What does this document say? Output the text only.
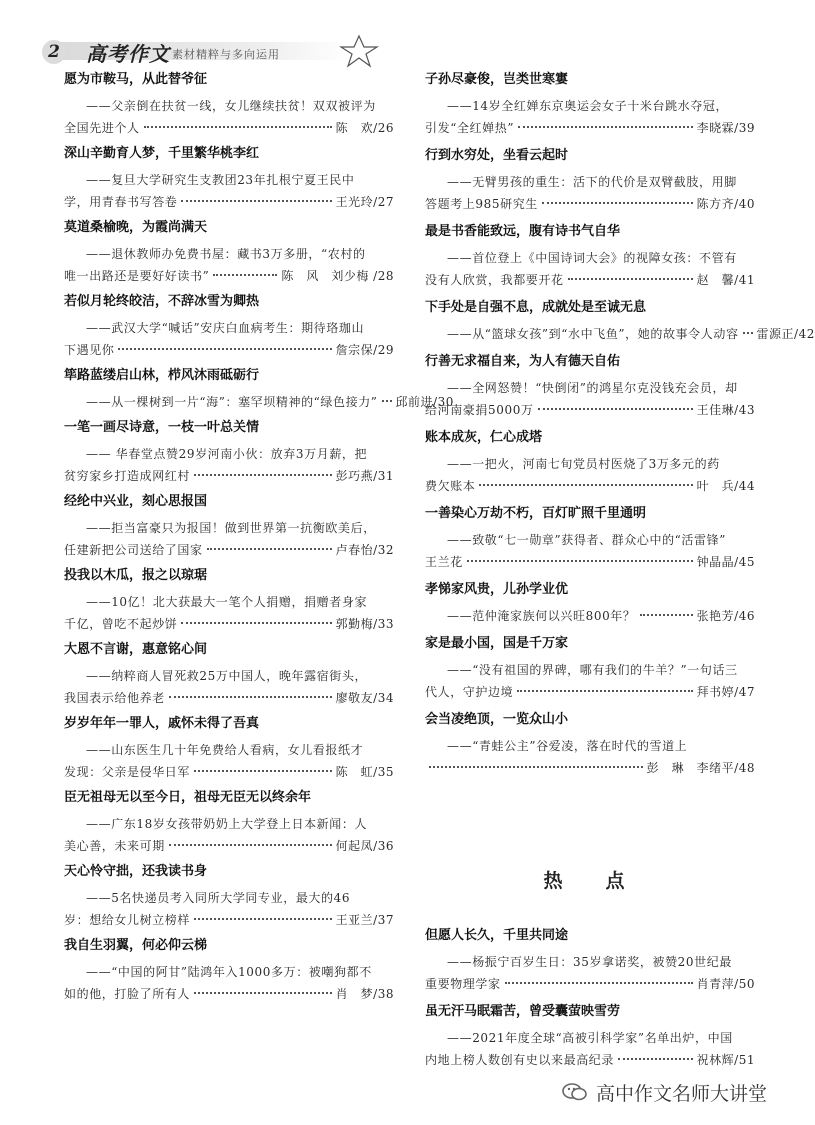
2	高考作文 素材精粹与多向运用
愿为市鞍马，从此替爷征
——父亲倒在扶贫一线，女儿继续扶贫！双双被评为
全国先进个人	陈　欢/26
深山辛勤育人梦，千里繁华桃李红
——复旦大学研究生支教团23年扎根宁夏王民中
学，用青春书写答卷	王光玲/27
莫道桑榆晚，为霞尚满天
——退休教师办免费书屋：藏书3万多册，“农村的
唯一出路还是要好好读书”	陈　风　刘少梅 /28
若似月轮终皎洁，不辞冰雪为卿热
——武汉大学“喊话”安庆白血病考生：期待珞珈山
下遇见你	詹宗保/29
筚路蓝缕启山林，栉风沐雨砥砺行
——从一棵树到一片“海”：塞罕坝精神的“绿色接力” 邱前进/30
一笔一画尽诗意，一枝一叶总关情
—— 华春堂点赞29岁河南小伙：放弃3万月薪，把
贫穷家乡打造成网红村	彭巧燕/31
经纶中兴业，刻心思报国
——拒当富豪只为报国！做到世界第一抗衡欧美后，
任建新把公司送给了国家	卢春怡/32
投我以木瓜，报之以琼琚
——10亿！北大获最大一笔个人捐赠，捐赠者身家
千亿，曾吃不起炒饼	郭勤梅/33
大恩不言谢，惠意铭心间
——纳粹商人冒死救25万中国人，晚年露宿街头，
我国表示给他养老	廖敬友/34
岁岁年年一罪人，戚怀未得了吾真
——山东医生几十年免费给人看病，女儿看报纸才
发现：父亲是侵华日军	陈　虹/35
臣无祖母无以至今日，祖母无臣无以终余年
——广东18岁女孩带奶奶上大学登上日本新闻：人
美心善，未来可期	何起凤/36
天心怜守拙，还我读书身
——5名快递员考入同所大学同专业，最大的46
岁：想给女儿树立榜样	王亚兰/37
我自生羽翼，何必仰云梯
——“中国的阿甘”陆鸿年入1000多万：被嘲狗都不
如的他，打脸了所有人	肖　梦/38
子孙尽豪俊，岂类世寒寠
——14岁全红婵东京奥运会女子十米台跳水夺冠，
引发“全红婵热”	李晓霖/39
行到水穷处，坐看云起时
——无臂男孩的重生：活下的代价是双臂截肢，用脚
答题考上985研究生	陈方齐/40
最是书香能致远，腹有诗书气自华
——首位登上《中国诗词大会》的视障女孩：不管有
没有人欣赏，我都要开花	赵　馨/41
下手处是自强不息，成就处是至诚无息
——从“篮球女孩”到“水中飞鱼”，她的故事令人动容 雷源正/42
行善无求福自来，为人有德天自佑
——全网怒赞！“快倒闭”的鸿星尔克没钱充会员，却
给河南豪捐5000万	王佳琳/43
账本成灰，仁心成塔
——一把火，河南七旬党员村医烧了3万多元的药
费欠账本	叶　兵/44
一善染心万劫不朽，百灯旷照千里通明
——致敬“七一勋章”获得者、群众心中的“活雷锋”
王兰花	钟晶晶/45
孝悌家风贵，儿孙学业优
——范仲淹家族何以兴旺800年？	张艳芳/46
家是最小国，国是千万家
——“没有祖国的界碑，哪有我们的牛羊？”一句话三
代人，守护边境	拜书婷/47
会当凌绝顶，一览众山小
——“青蛙公主”谷爱凌，落在时代的雪道上
彭　琳　李绪平/48
热　点
但愿人长久，千里共同途
——杨振宁百岁生日：35岁拿诺奖，被赞20世纪最
重要物理学家	肖青萍/50
虽无汗马眠霜苦，曾受囊萤映雪劳
——2021年度全球“高被引科学家”名单出炉，中国
内地上榜人数创有史以来最高纪录	祝林辉/51
高中作文名师大讲堂
